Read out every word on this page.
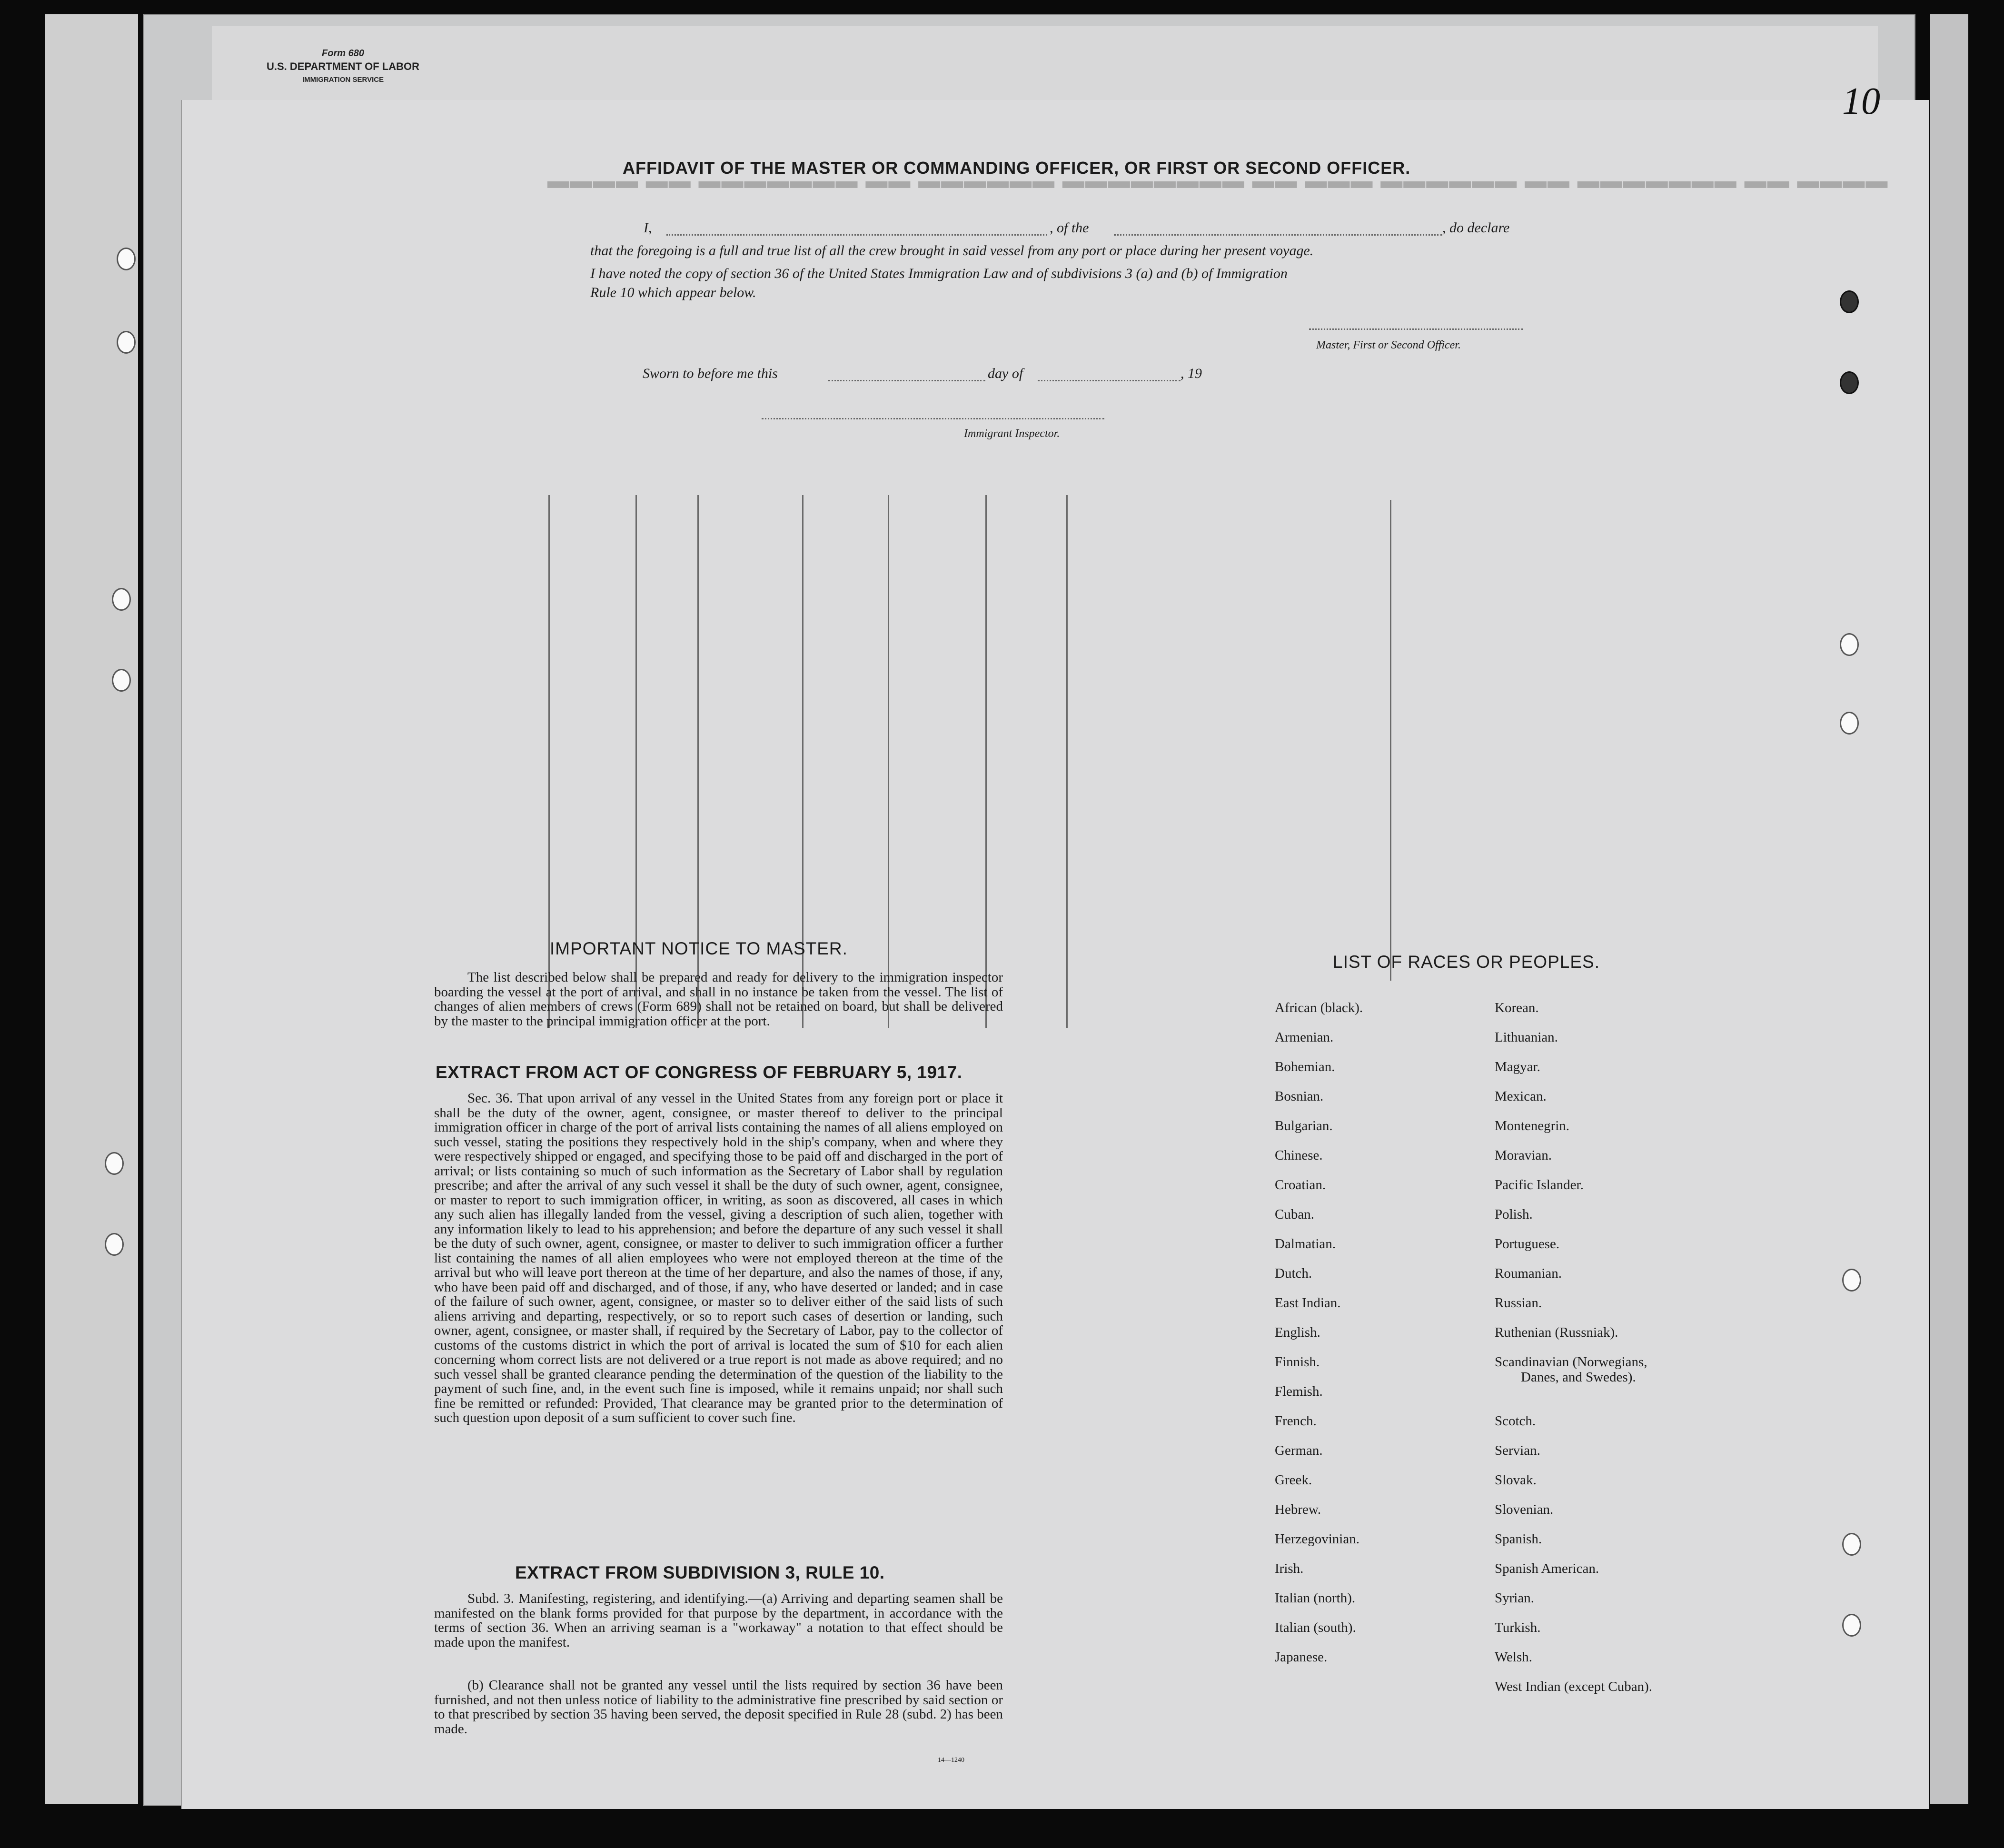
Form 680
U.S. DEPARTMENT OF LABOR
IMMIGRATION SERVICE
▬▬▬▬ ▬▬ ▬▬▬▬▬▬▬ ▬▬ ▬▬▬▬▬▬ ▬▬▬▬▬▬▬▬ ▬▬ ▬▬▬ ▬▬▬▬▬▬ ▬▬ ▬▬▬▬▬▬▬ ▬▬ ▬▬▬▬
10
AFFIDAVIT OF THE MASTER OR COMMANDING OFFICER, OR FIRST OR SECOND OFFICER.
I,	, of the	, do declare
that the foregoing is a full and true list of all the crew brought in said vessel from any port or place during her present voyage.
I have noted the copy of section 36 of the United States Immigration Law and of subdivisions 3 (a) and (b) of Immigration
Rule 10 which appear below.
Master, First or Second Officer.
Sworn to before me this	day of	, 19
Immigrant Inspector.
IMPORTANT NOTICE TO MASTER.
The list described below shall be prepared and ready for delivery to the immigration inspector boarding the vessel at the port of arrival, and shall in no instance be taken from the vessel. The list of changes of alien members of crews (Form 689) shall not be retained on board, but shall be delivered by the master to the principal immigration officer at the port.
EXTRACT FROM ACT OF CONGRESS OF FEBRUARY 5, 1917.
Sec. 36. That upon arrival of any vessel in the United States from any foreign port or place it shall be the duty of the owner, agent, consignee, or master thereof to deliver to the principal immigration officer in charge of the port of arrival lists containing the names of all aliens employed on such vessel, stating the positions they respectively hold in the ship's company, when and where they were respectively shipped or engaged, and specifying those to be paid off and discharged in the port of arrival; or lists containing so much of such information as the Secretary of Labor shall by regulation prescribe; and after the arrival of any such vessel it shall be the duty of such owner, agent, consignee, or master to report to such immigration officer, in writing, as soon as discovered, all cases in which any such alien has illegally landed from the vessel, giving a description of such alien, together with any information likely to lead to his apprehension; and before the departure of any such vessel it shall be the duty of such owner, agent, consignee, or master to deliver to such immigration officer a further list containing the names of all alien employees who were not employed thereon at the time of the arrival but who will leave port thereon at the time of her departure, and also the names of those, if any, who have been paid off and discharged, and of those, if any, who have deserted or landed; and in case of the failure of such owner, agent, consignee, or master so to deliver either of the said lists of such aliens arriving and departing, respectively, or so to report such cases of desertion or landing, such owner, agent, consignee, or master shall, if required by the Secretary of Labor, pay to the collector of customs of the customs district in which the port of arrival is located the sum of $10 for each alien concerning whom correct lists are not delivered or a true report is not made as above required; and no such vessel shall be granted clearance pending the determination of the question of the liability to the payment of such fine, and, in the event such fine is imposed, while it remains unpaid; nor shall such fine be remitted or refunded: Provided, That clearance may be granted prior to the determination of such question upon deposit of a sum sufficient to cover such fine.
EXTRACT FROM SUBDIVISION 3, RULE 10.
Subd. 3. Manifesting, registering, and identifying.—(a) Arriving and departing seamen shall be manifested on the blank forms provided for that purpose by the department, in accordance with the terms of section 36. When an arriving seaman is a "workaway" a notation to that effect should be made upon the manifest.
(b) Clearance shall not be granted any vessel until the lists required by section 36 have been furnished, and not then unless notice of liability to the administrative fine prescribed by said section or to that prescribed by section 35 having been served, the deposit specified in Rule 28 (subd. 2) has been made.
14—1240
LIST OF RACES OR PEOPLES.
African (black).
Armenian.
Bohemian.
Bosnian.
Bulgarian.
Chinese.
Croatian.
Cuban.
Dalmatian.
Dutch.
East Indian.
English.
Finnish.
Flemish.
French.
German.
Greek.
Hebrew.
Herzegovinian.
Irish.
Italian (north).
Italian (south).
Japanese.
Korean.
Lithuanian.
Magyar.
Mexican.
Montenegrin.
Moravian.
Pacific Islander.
Polish.
Portuguese.
Roumanian.
Russian.
Ruthenian (Russniak).
Scandinavian (Norwegians,
Danes, and Swedes).
Scotch.
Servian.
Slovak.
Slovenian.
Spanish.
Spanish American.
Syrian.
Turkish.
Welsh.
West Indian (except Cuban).
